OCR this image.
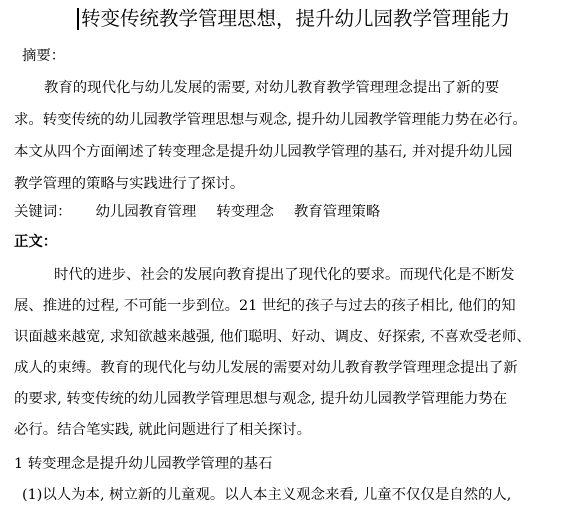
转变传统教学管理思想，提升幼儿园教学管理能力
摘要：
教育的现代化与幼儿发展的需要, 对幼儿教育教学管理理念提出了新的要
求。转变传统的幼儿园教学管理思想与观念, 提升幼儿园教学管理能力势在必行。
本文从四个方面阐述了转变理念是提升幼儿园教学管理的基石, 并对提升幼儿园
教学管理的策略与实践进行了探讨。
关键词： 幼儿园教育管理 转变理念 教育管理策略
正文：
时代的进步、社会的发展向教育提出了现代化的要求。而现代化是不断发
展、推进的过程, 不可能一步到位。21 世纪的孩子与过去的孩子相比, 他们的知
识面越来越宽, 求知欲越来越强, 他们聪明、好动、调皮、好探索, 不喜欢受老师、
成人的束缚。教育的现代化与幼儿发展的需要对幼儿教育教学管理理念提出了新
的要求, 转变传统的幼儿园教学管理思想与观念, 提升幼儿园教学管理能力势在
必行。结合笔实践, 就此问题进行了相关探讨。
1 转变理念是提升幼儿园教学管理的基石
(1)以人为本, 树立新的儿童观。以人本主义观念来看, 儿童不仅仅是自然的人,
